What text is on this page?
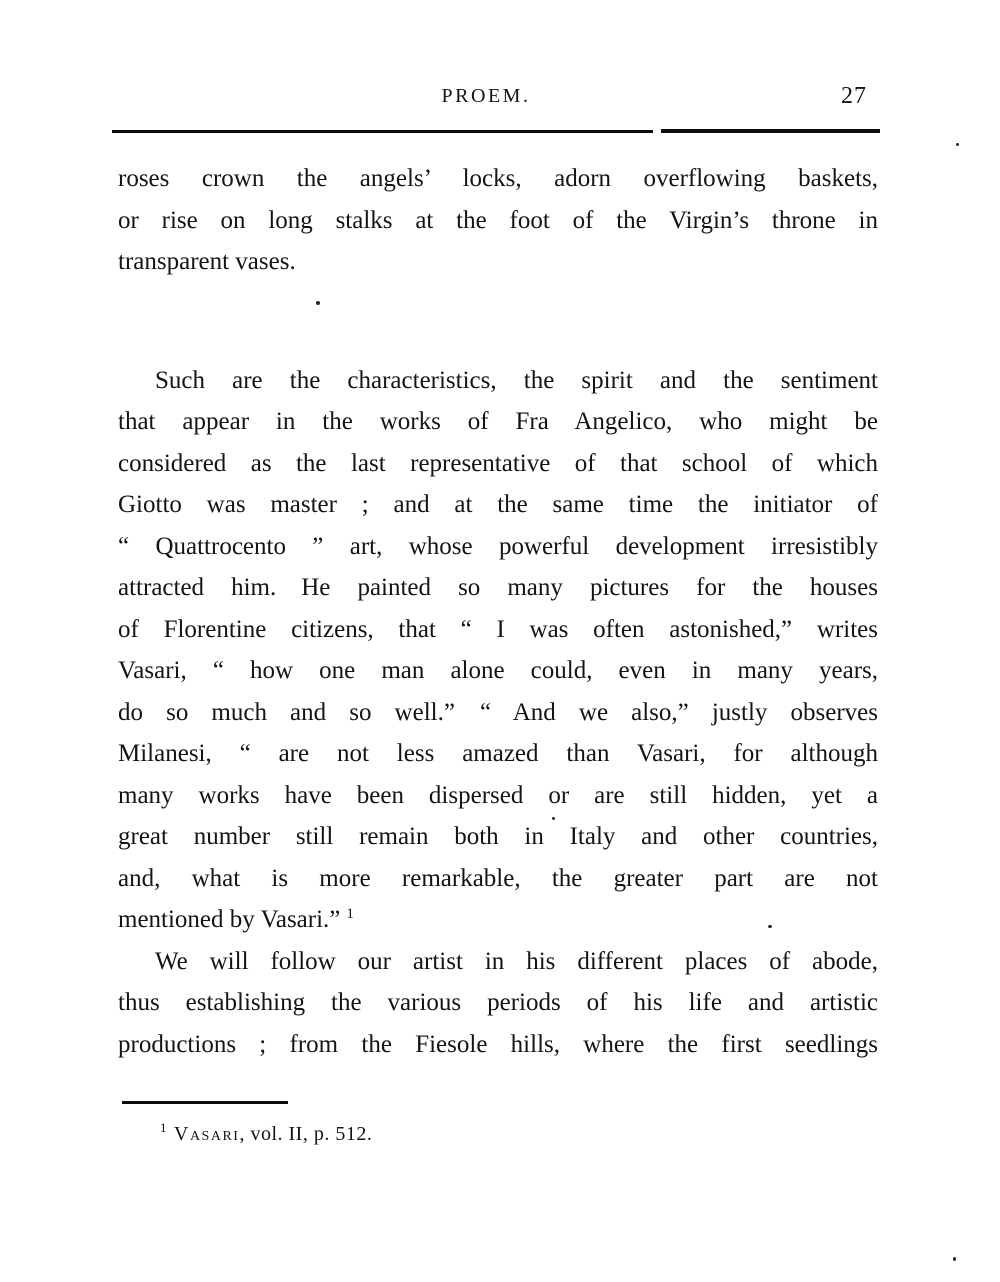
PROEM.	27
roses crown the angels’ locks, adorn overflowing baskets,
or rise on long stalks at the foot of the Virgin’s throne in
transparent vases.
Such are the characteristics, the spirit and the sentiment
that appear in the works of Fra Angelico, who might be
considered as the last representative of that school of which
Giotto was master ; and at the same time the initiator of
“ Quattrocento ” art, whose powerful development irresistibly
attracted him. He painted so many pictures for the houses
of Florentine citizens, that “ I was often astonished,” writes
Vasari, “ how one man alone could, even in many years,
do so much and so well.” “ And we also,” justly observes
Milanesi, “ are not less amazed than Vasari, for although
many works have been dispersed or are still hidden, yet a
great number still remain both in Italy and other countries,
and, what is more remarkable, the greater part are not
mentioned by Vasari.” $^1$
We will follow our artist in his different places of abode,
thus establishing the various periods of his life and artistic
productions ; from the Fiesole hills, where the first seedlings
$^1$ Vasari, vol. II, p. 512.
